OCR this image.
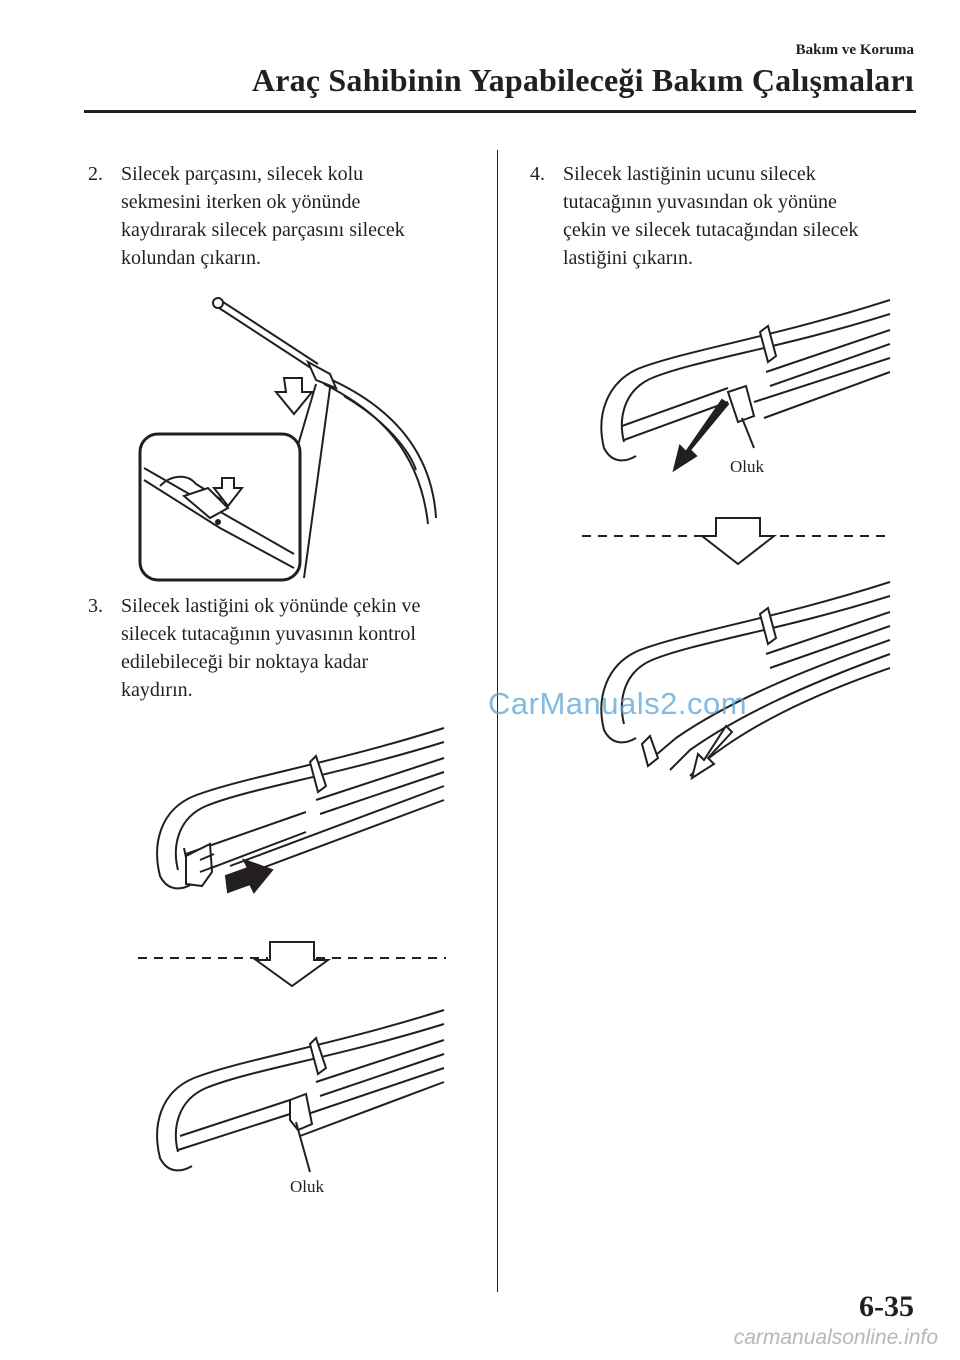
Bakım ve Koruma
Araç Sahibinin Yapabileceği Bakım Çalışmaları
2. Silecek parçasını, silecek kolu
sekmesini iterken ok yönünde
kaydırarak silecek parçasını silecek
kolundan çıkarın.
3. Silecek lastiğini ok yönünde çekin ve
silecek tutacağının yuvasının kontrol
edilebileceği bir noktaya kadar
kaydırın.
Oluk
4. Silecek lastiğinin ucunu silecek
tutacağının yuvasından ok yönüne
çekin ve silecek tutacağından silecek
lastiğini çıkarın.
Oluk
CarManuals2.com
6-35
carmanualsonline.info
